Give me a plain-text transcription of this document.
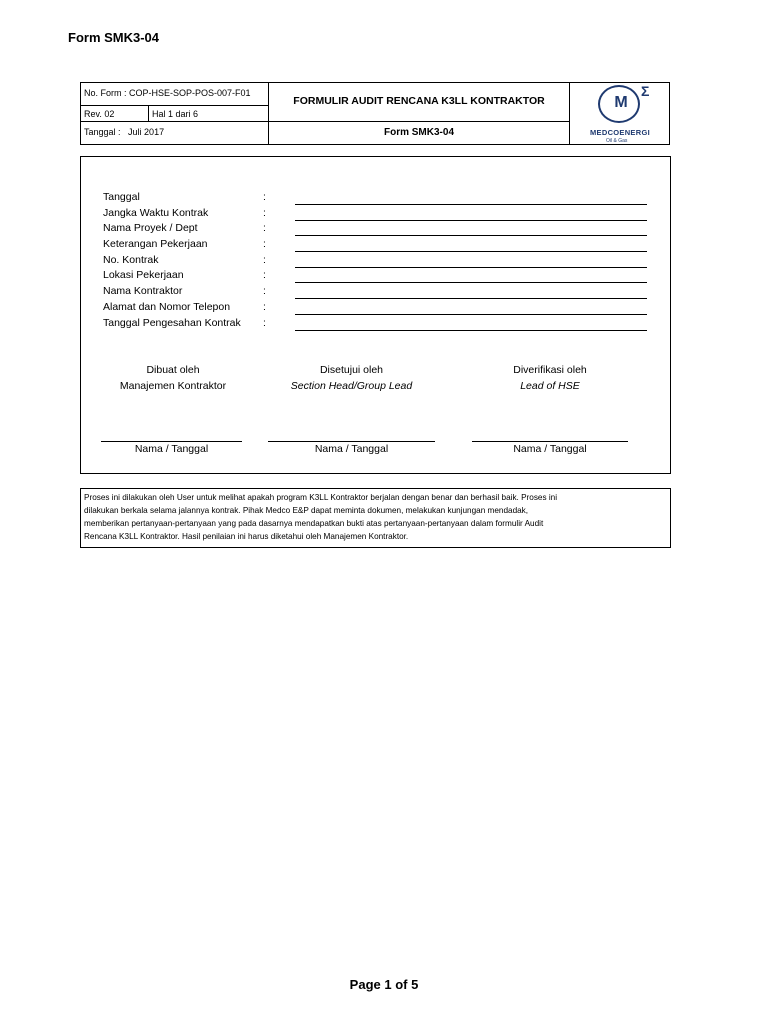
Form SMK3-04
Page 1 of 5
No. Form : COP-HSE-SOP-POS-007-F01
Rev. 02	Hal 1 dari 6
Tanggal : Juli 2017
FORMULIR AUDIT RENCANA K3LL KONTRAKTOR
Form SMK3-04
M
Σ
MEDCOENERGI
Oil & Gas
Tanggal	:
Jangka Waktu Kontrak	:
Nama Proyek / Dept	:
Keterangan Pekerjaan	:
No. Kontrak	:
Lokasi Pekerjaan	:
Nama Kontraktor	:
Alamat dan Nomor Telepon	:
Tanggal Pengesahan Kontrak :
Dibuat oleh
Manajemen Kontraktor
Nama / Tanggal
Disetujui oleh
Section Head/Group Lead
Nama / Tanggal
Diverifikasi oleh
Lead of HSE
Nama / Tanggal
Proses ini dilakukan oleh User untuk melihat apakah program K3LL Kontraktor berjalan dengan benar dan berhasil baik. Proses ini
dilakukan berkala selama jalannya kontrak. Pihak Medco E&P dapat meminta dokumen, melakukan kunjungan mendadak,
memberikan pertanyaan-pertanyaan yang pada dasarnya mendapatkan bukti atas pertanyaan-pertanyaan dalam formulir Audit
Rencana K3LL Kontraktor. Hasil penilaian ini harus diketahui oleh Manajemen Kontraktor.
